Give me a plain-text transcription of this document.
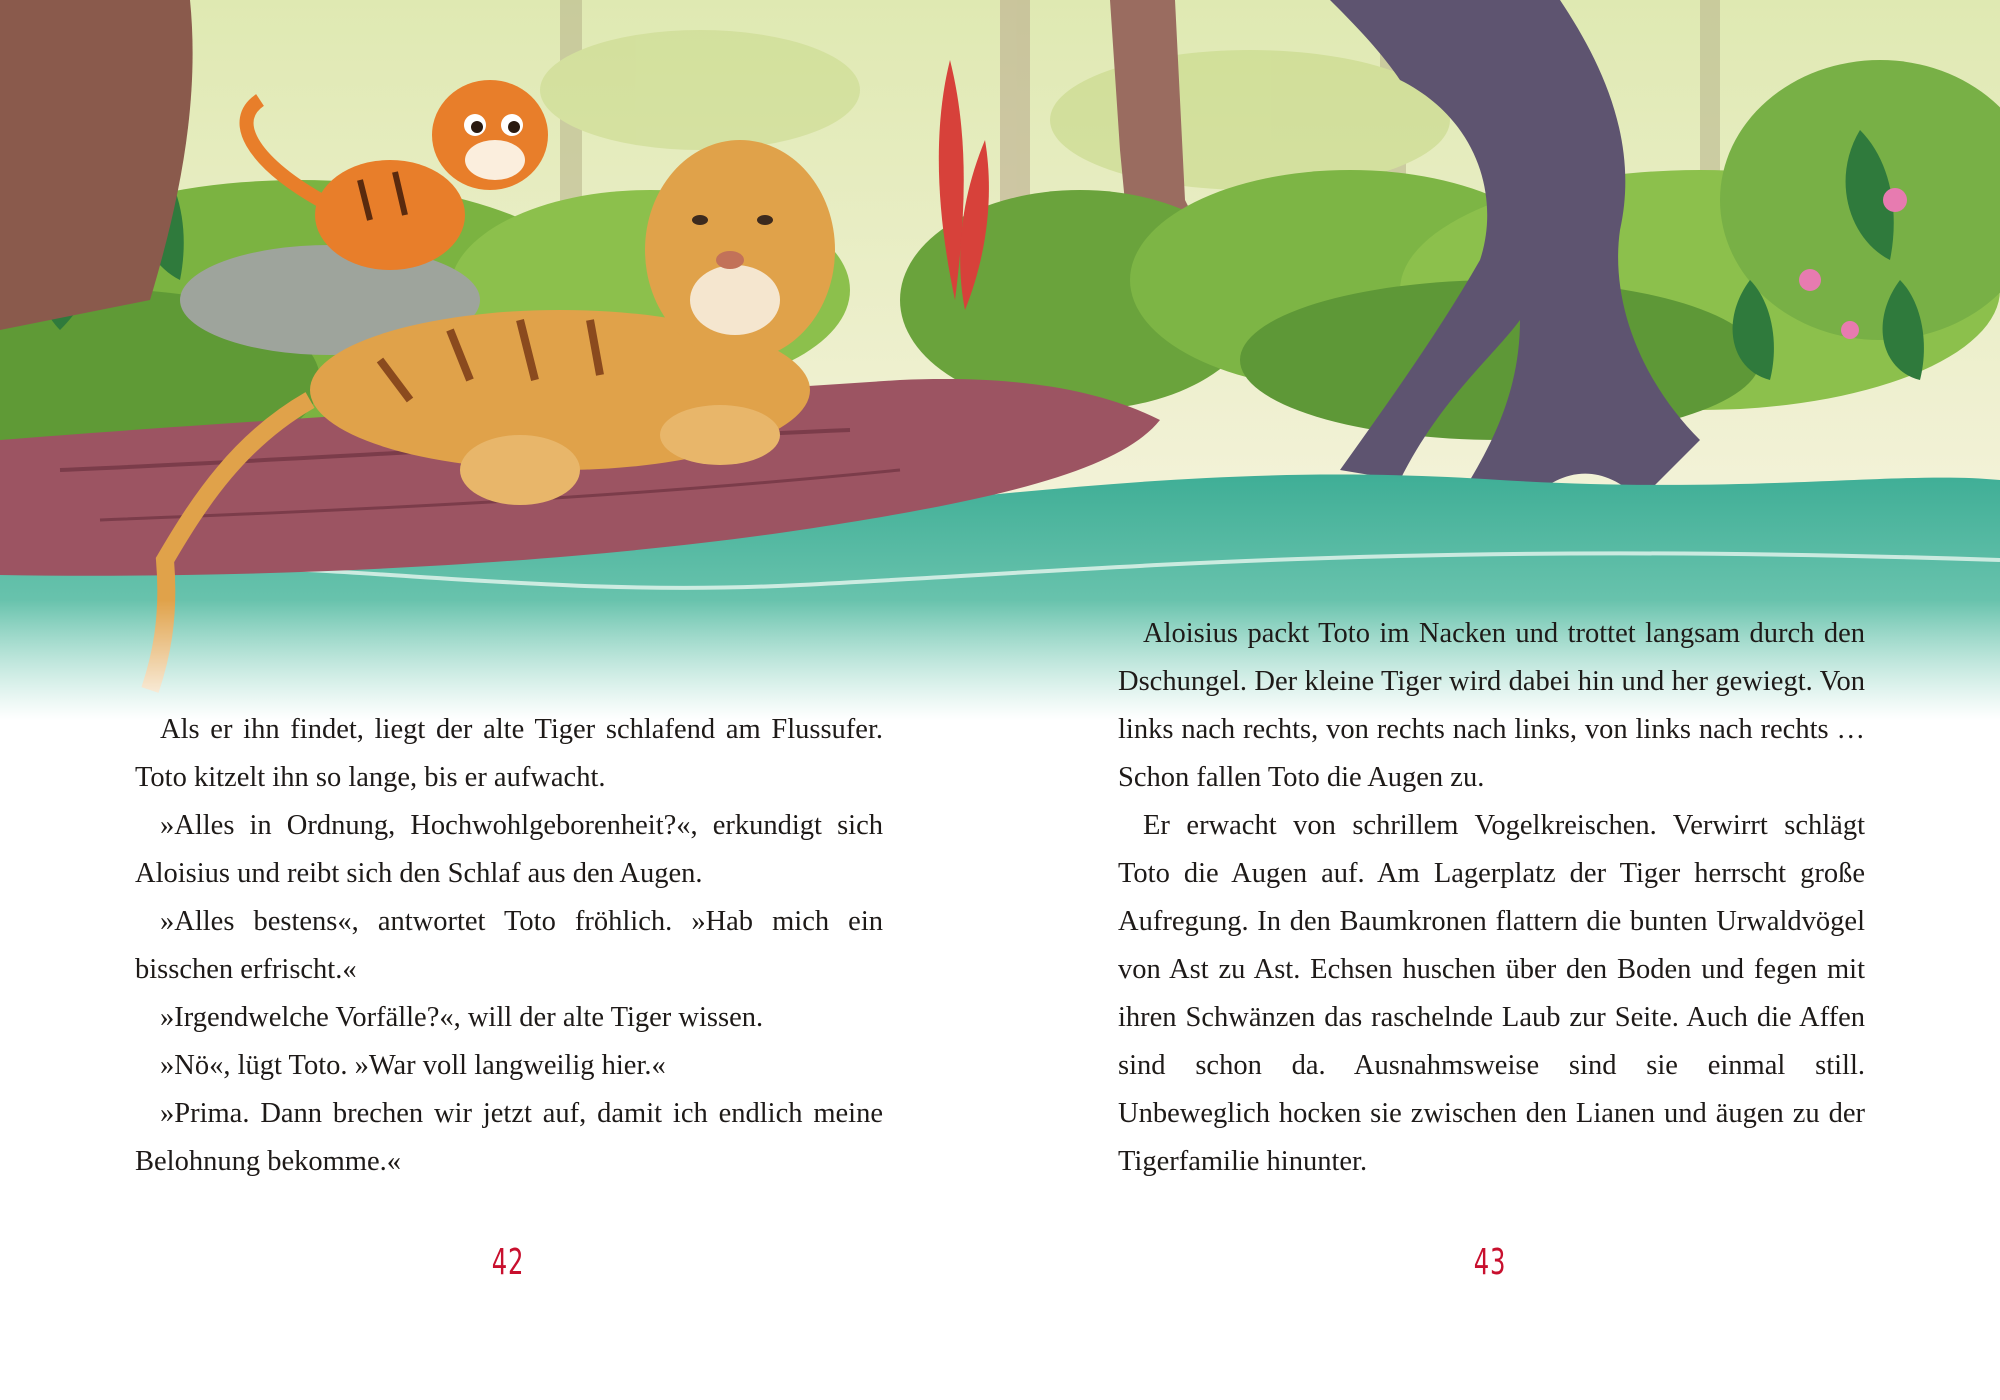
Als er ihn findet, liegt der alte Tiger schlafend am Flussufer. Toto kitzelt ihn so lange, bis er aufwacht.

»Alles in Ordnung, Hochwohlgeborenheit?«, erkundigt sich Aloisius und reibt sich den Schlaf aus den Augen.

»Alles bestens«, antwortet Toto fröhlich. »Hab mich ein bisschen erfrischt.«

»Irgendwelche Vorfälle?«, will der alte Tiger wissen.

»Nö«, lügt Toto. »War voll langweilig hier.«

»Prima. Dann brechen wir jetzt auf, damit ich endlich meine Belohnung bekomme.«

Aloisius packt Toto im Nacken und trottet langsam durch den Dschungel. Der kleine Tiger wird dabei hin und her gewiegt. Von links nach rechts, von rechts nach links, von links nach rechts … Schon fallen Toto die Augen zu.

Er erwacht von schrillem Vogelkreischen. Verwirrt schlägt Toto die Augen auf. Am Lagerplatz der Tiger herrscht große Aufregung. In den Baumkronen flattern die bunten Urwaldvögel von Ast zu Ast. Echsen huschen über den Boden und fegen mit ihren Schwänzen das raschelnde Laub zur Seite. Auch die Affen sind schon da. Ausnahmsweise sind sie einmal still. Unbeweglich hocken sie zwischen den Lianen und äugen zu der Tigerfamilie hinunter.

42	43
